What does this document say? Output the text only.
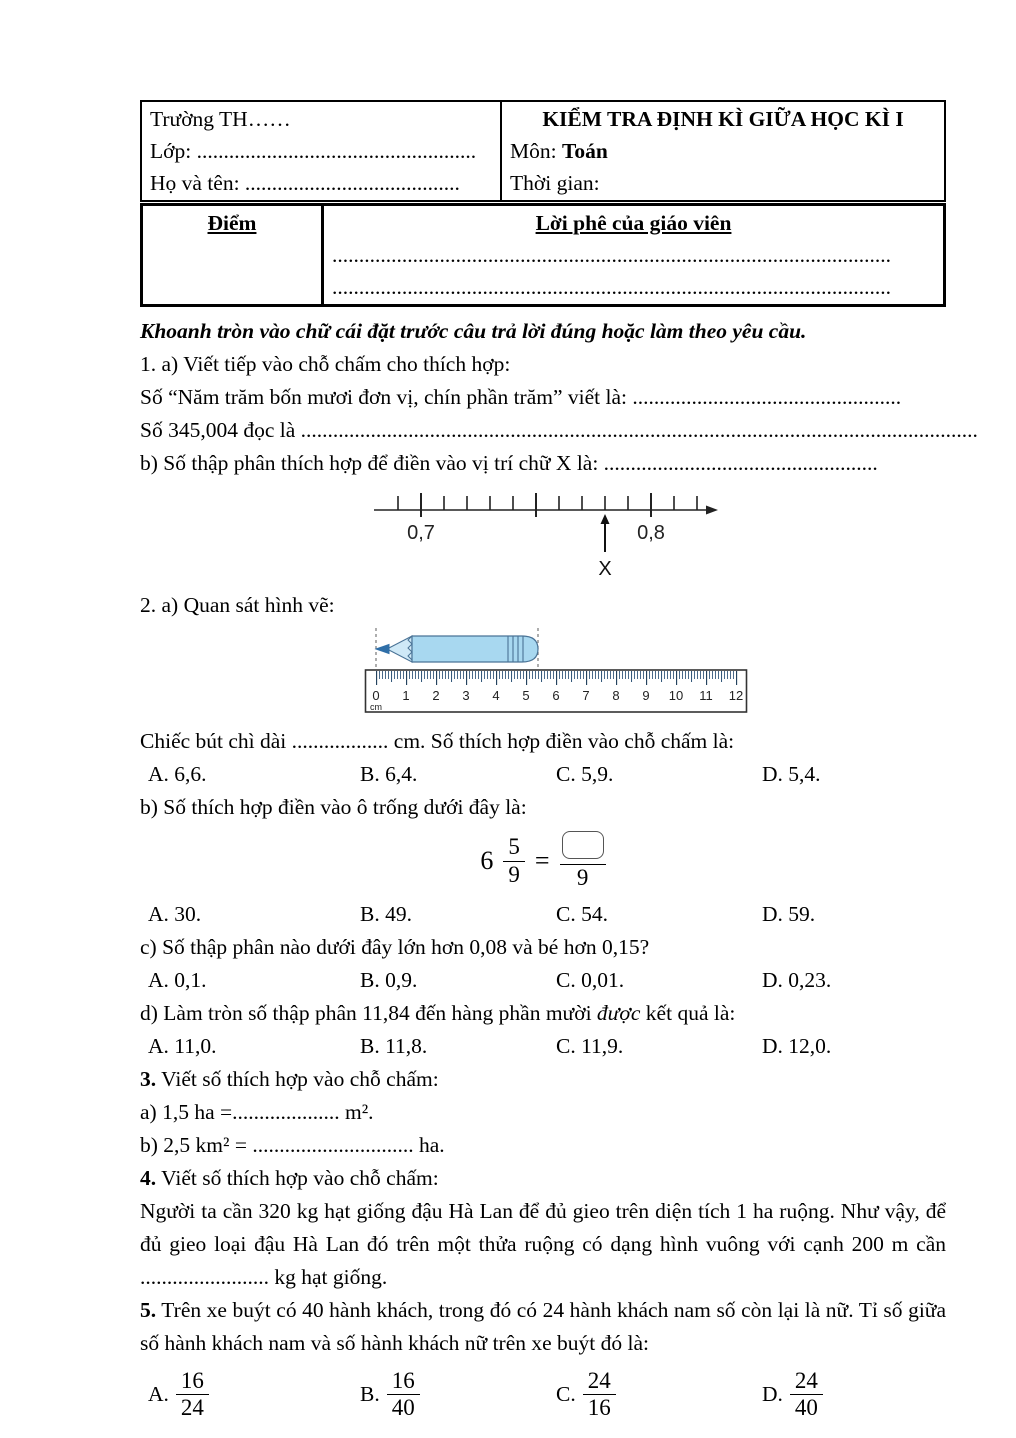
Trường TH……
Lớp: ....................................................
Họ và tên: ........................................

KIỂM TRA ĐỊNH KÌ GIỮA HỌC KÌ I
Môn: Toán
Thời gian:
Điểm	Lời phê của giáo viên
........................................................................................................
........................................................................................................

Khoanh tròn vào chữ cái đặt trước câu trả lời đúng hoặc làm theo yêu cầu.

1. a) Viết tiếp vào chỗ chấm cho thích hợp:

Số “Năm trăm bốn mươi đơn vị, chín phần trăm” viết là: ..................................................

Số 345,004 đọc là ..............................................................................................................................

b) Số thập phân thích hợp để điền vào vị trí chữ X là: ...................................................

0,7	0,8
X

2. a) Quan sát hình vẽ:

0 1 2 3 4 5 6 7 8 9 10 11 12
cm

Chiếc bút chì dài .................. cm. Số thích hợp điền vào chỗ chấm là:

A. 6,6.	B. 6,4.	C. 5,9.	D. 5,4.

b) Số thích hợp điền vào ô trống dưới đây là:

$6 \frac{5}{9}$ =
9
A. 30.	B. 49.	C. 54.	D. 59.

c) Số thập phân nào dưới đây lớn hơn 0,08 và bé hơn 0,15?

A. 0,1.	B. 0,9.	C. 0,01.	D. 0,23.

d) Làm tròn số thập phân 11,84 đến hàng phần mười được kết quả là:

A. 11,0.	B. 11,8.	C. 11,9.	D. 12,0.

3. Viết số thích hợp vào chỗ chấm:

a) 1,5 ha =.................... m².

b) 2,5 km² = .............................. ha.

4. Viết số thích hợp vào chỗ chấm:

Người ta cần 320 kg hạt giống đậu Hà Lan để đủ gieo trên diện tích 1 ha ruộng. Như vậy, để đủ gieo loại đậu Hà Lan đó trên một thửa ruộng có dạng hình vuông với cạnh 200 m cần ........................ kg hạt giống.

5. Trên xe buýt có 40 hành khách, trong đó có 24 hành khách nam số còn lại là nữ. Tỉ số giữa số hành khách nam và số hành khách nữ trên xe buýt đó là:

A. $\frac{16}{24}$	B. $\frac{16}{40}$	C. $\frac{24}{16}$	D. $\frac{24}{40}$
